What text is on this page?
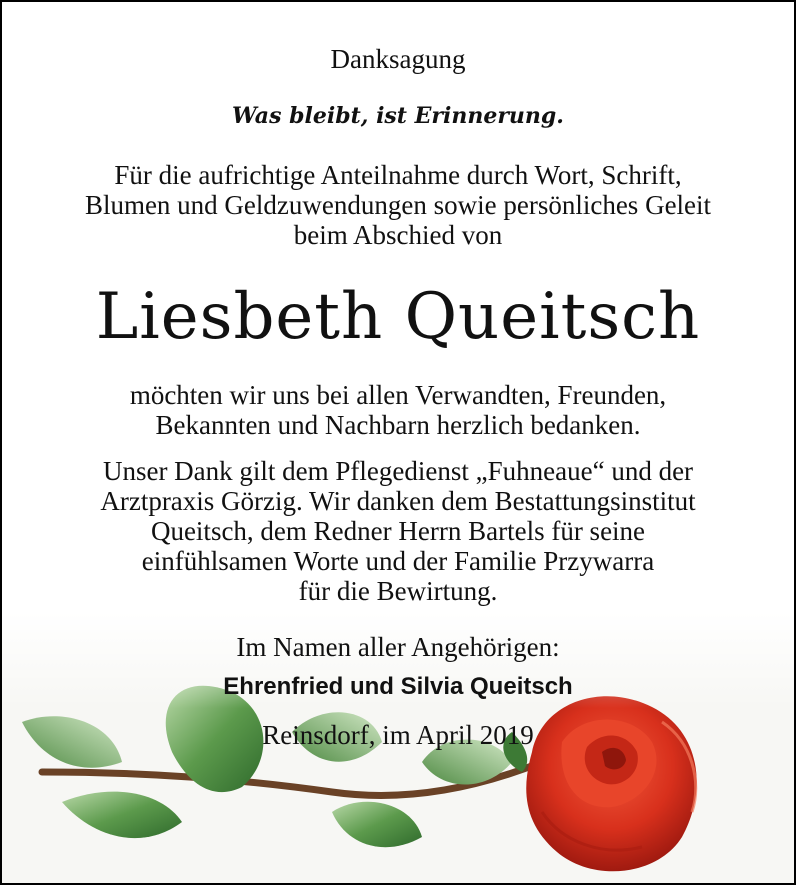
Danksagung
Was bleibt, ist Erinnerung.
Für die aufrichtige Anteilnahme durch Wort, Schrift,
Blumen und Geldzuwendungen sowie persönliches Geleit
beim Abschied von
Liesbeth Queitsch
möchten wir uns bei allen Verwandten, Freunden,
Bekannten und Nachbarn herzlich bedanken.
Unser Dank gilt dem Pflegedienst „Fuhneaue“ und der
Arztpraxis Görzig. Wir danken dem Bestattungsinstitut
Queitsch, dem Redner Herrn Bartels für seine
einfühlsamen Worte und der Familie Przywarra
für die Bewirtung.
Im Namen aller Angehörigen:
Ehrenfried und Silvia Queitsch
Reinsdorf, im April 2019
